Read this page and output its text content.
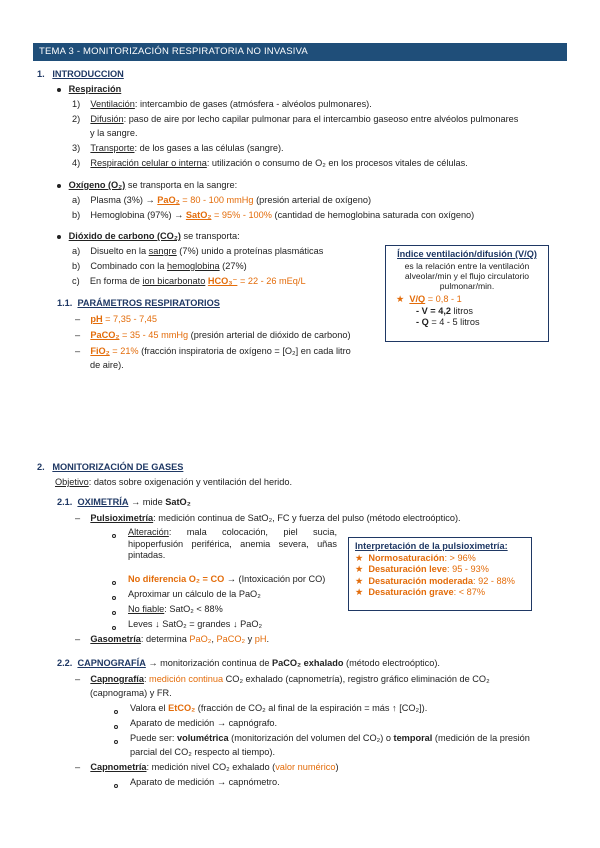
TEMA 3 - MONITORIZACIÓN RESPIRATORIA NO INVASIVA
1. INTRODUCCION
Respiración
1) Ventilación: intercambio de gases (atmósfera - alvéolos pulmonares).
2) Difusión: paso de aire por lecho capilar pulmonar para el intercambio gaseoso entre alvéolos pulmonares
y la sangre.
3) Transporte: de los gases a las células (sangre).
4) Respiración celular o interna: utilización o consumo de O₂ en los procesos vitales de células.
Oxígeno (O₂) se transporta en la sangre:
a) Plasma (3%) → PaO₂ = 80 - 100 mmHg (presión arterial de oxígeno)
b) Hemoglobina (97%) → SatO₂ = 95% - 100% (cantidad de hemoglobina saturada con oxígeno)
Dióxido de carbono (CO₂) se transporta:
a) Disuelto en la sangre (7%) unido a proteínas plasmáticas
b) Combinado con la hemoglobina (27%)
c) En forma de ion bicarbonato HCO₃⁻ = 22 - 26 mEq/L
Índice ventilación/difusión (V/Q)
es la relación entre la ventilación alveolar/min y el flujo circulatorio pulmonar/min.
★ V/Q = 0,8 - 1
- V = 4,2 litros
- Q = 4 - 5 litros
1.1. PARÁMETROS RESPIRATORIOS
–    pH = 7,35 - 7,45
–    PaCO₂ = 35 - 45 mmHg (presión arterial de dióxido de carbono)
–    FiO₂ = 21% (fracción inspiratoria de oxígeno = [O₂] en cada litro
de aire).
2. MONITORIZACIÓN DE GASES
Objetivo: datos sobre oxigenación y ventilación del herido.
2.1. OXIMETRÍA → mide SatO₂
–    Pulsioximetría: medición continua de SatO₂, FC y fuerza del pulso (método electroóptico).
Alteración: mala colocación, piel sucia, hipoperfusión periférica, anemia severa, uñas pintadas.
No diferencia O₂ = CO → (Intoxicación por CO)
Aproximar un cálculo de la PaO₂
No fiable: SatO₂ < 88%
Leves ↓ SatO₂ = grandes ↓ PaO₂
–    Gasometría: determina PaO₂, PaCO₂ y pH.
Interpretación de la pulsioximetría:
★ Normosaturación: > 96%
★ Desaturación leve: 95 - 93%
★ Desaturación moderada: 92 - 88%
★ Desaturación grave: < 87%
2.2. CAPNOGRAFÍA → monitorización continua de PaCO₂ exhalado (método electroóptico).
–    Capnografía: medición continua CO₂ exhalado (capnometría), registro gráfico eliminación de CO₂
(capnograma) y FR.
Valora el EtCO₂ (fracción de CO₂ al final de la espiración = más ↑ [CO₂]).
Aparato de medición → capnógrafo.
Puede ser: volumétrica (monitorización del volumen del CO₂) o temporal (medición de la presión
parcial del CO₂ respecto al tiempo).
–    Capnometría: medición nivel CO₂ exhalado (valor numérico)
Aparato de medición → capnómetro.
